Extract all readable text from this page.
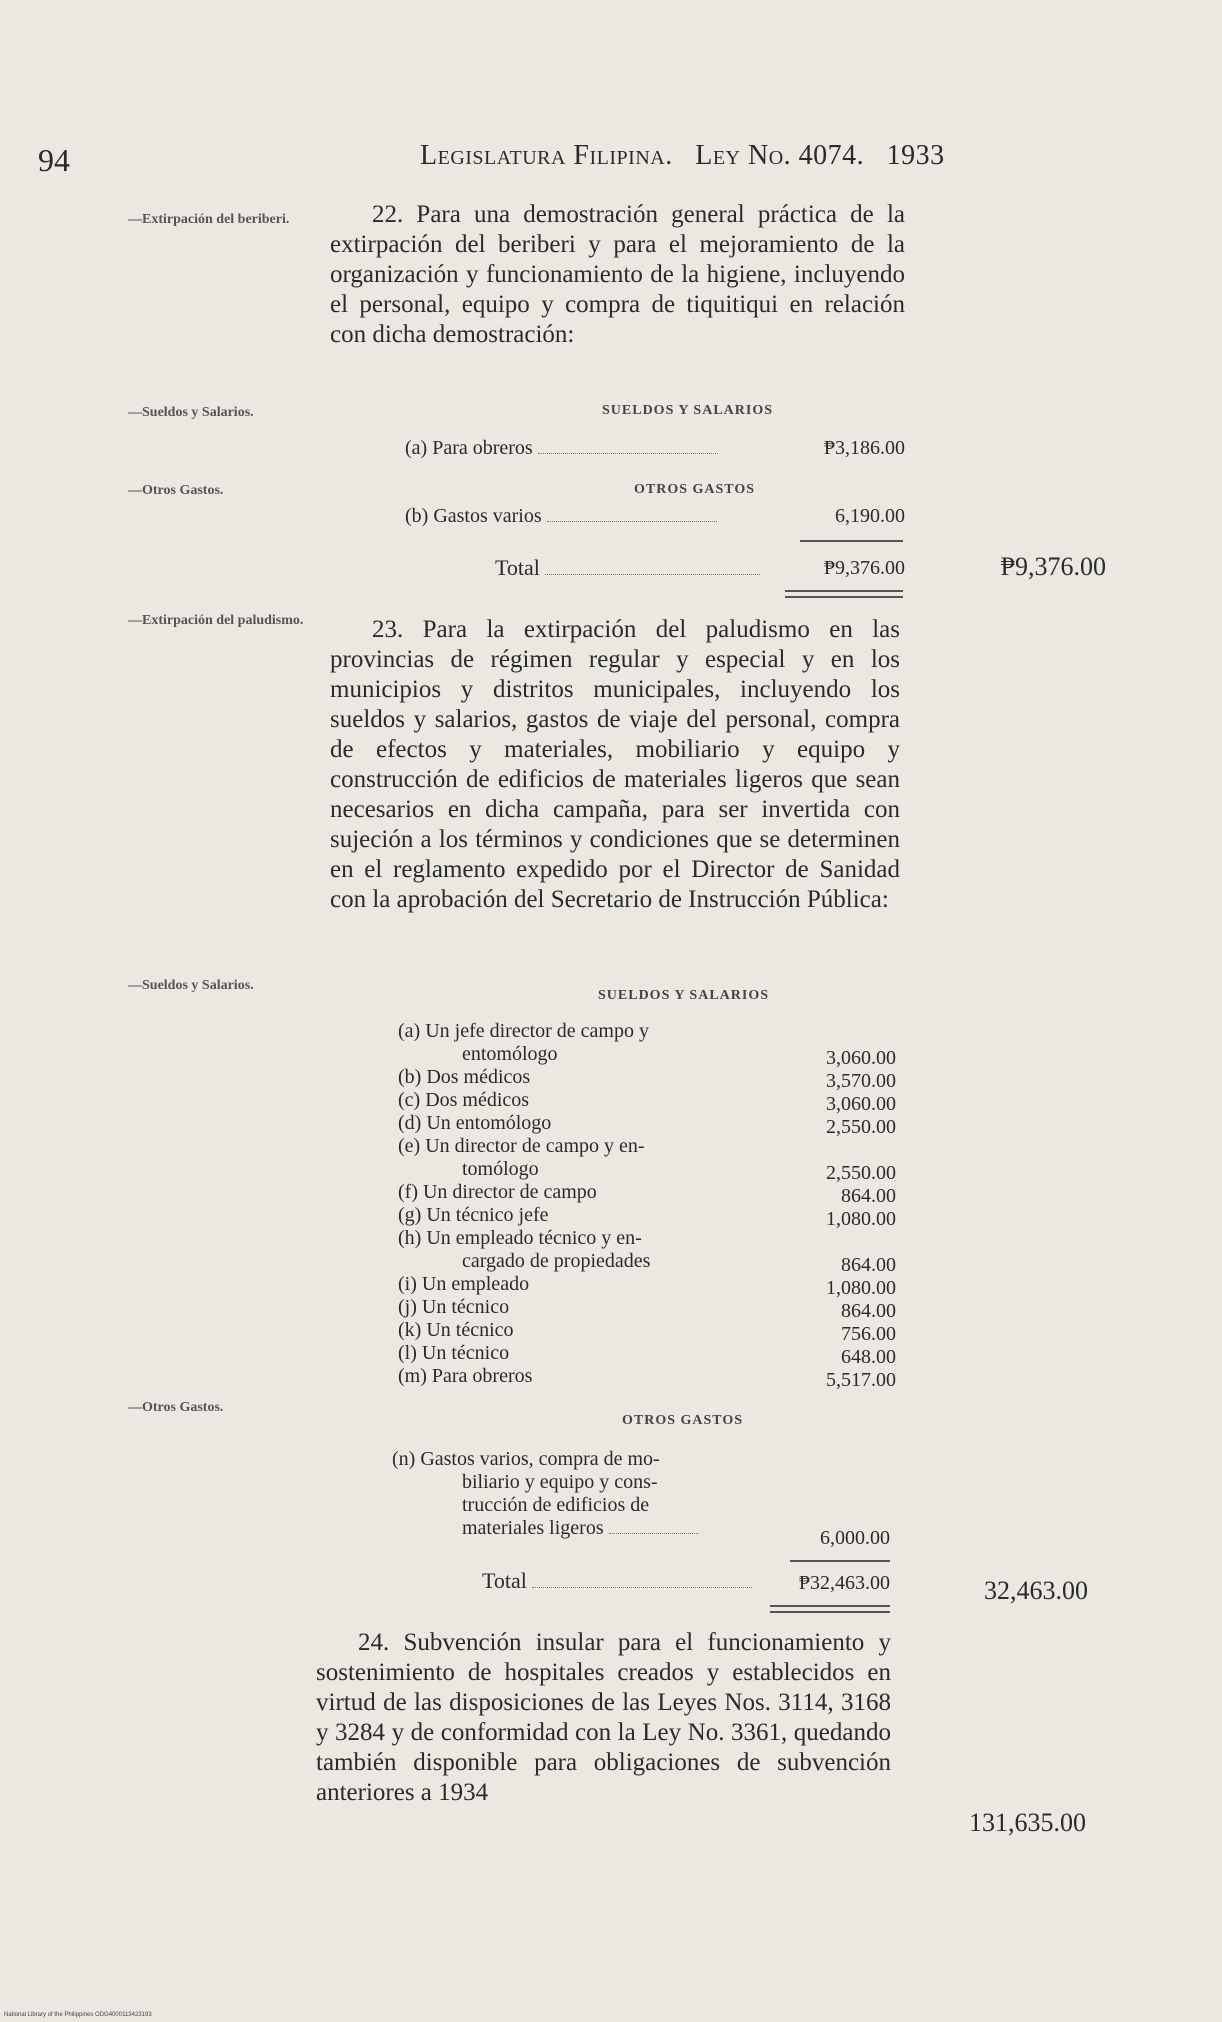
94	Legislatura Filipina. Ley No. 4074. 1933
—Extirpación del beriberi.	22. Para una demostración general práctica de la extirpación del beriberi y para el mejoramiento de la organización y funcionamiento de la higiene, incluyendo el personal, equipo y compra de tiquitiqui en relación con dicha demostración:

—Sueldos y Salarios.	SUELDOS Y SALARIOS
(a) Para obreros	₱3,186.00
—Otros Gastos.	OTROS GASTOS
(b) Gastos varios	6,190.00
Total	₱9,376.00	₱9,376.00
—Extirpación del paludismo.	23. Para la extirpación del paludismo en las provincias de régimen regular y especial y en los municipios y distritos municipales, incluyendo los sueldos y salarios, gastos de viaje del personal, compra de efectos y materiales, mobiliario y equipo y construcción de edificios de materiales ligeros que sean necesarios en dicha campaña, para ser invertida con sujeción a los términos y condiciones que se determinen en el reglamento expedido por el Director de Sanidad con la aprobación del Secretario de Instrucción Pública:

—Sueldos y Salarios.
SUELDOS Y SALARIOS
(a) Un jefe director de campo y
entomólogo	3,060.00
(b) Dos médicos	3,570.00
(c) Dos médicos	3,060.00
(d) Un entomólogo	2,550.00
(e) Un director de campo y en-
tomólogo	2,550.00
(f) Un director de campo	864.00
(g) Un técnico jefe	1,080.00
(h) Un empleado técnico y en-
cargado de propiedades	864.00
(i) Un empleado	1,080.00
(j) Un técnico	864.00
(k) Un técnico	756.00
(l) Un técnico	648.00
(m) Para obreros	5,517.00
—Otros Gastos.
OTROS GASTOS
(n) Gastos varios, compra de mo-
biliario y equipo y cons-
trucción de edificios de
materiales ligeros	6,000.00
Total	₱32,463.00	32,463.00

24. Subvención insular para el funcionamiento y sostenimiento de hospitales creados y establecidos en virtud de las disposiciones de las Leyes Nos. 3114, 3168 y 3284 y de conformidad con la Ley No. 3361, quedando también disponible para obligaciones de subvención anteriores a 1934

131,635.00
National Library of the Philippines ODG4000113423193
